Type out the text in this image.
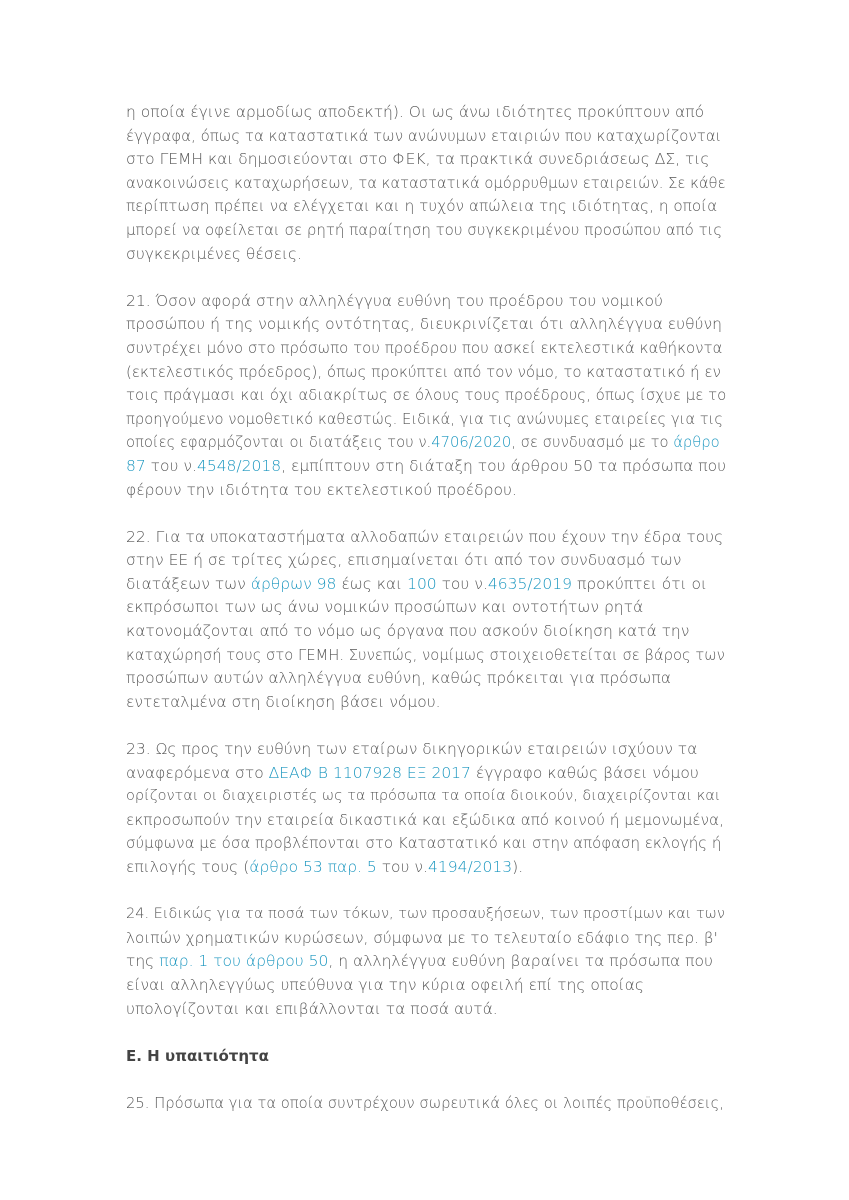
η οποία έγινε αρμοδίως αποδεκτή). Οι ως άνω ιδιότητες προκύπτουν από
έγγραφα, όπως τα καταστατικά των ανώνυμων εταιριών που καταχωρίζονται
στο ΓΕΜΗ και δημοσιεύονται στο ΦΕΚ, τα πρακτικά συνεδριάσεως ΔΣ, τις
ανακοινώσεις καταχωρήσεων, τα καταστατικά ομόρρυθμων εταιρειών. Σε κάθε
περίπτωση πρέπει να ελέγχεται και η τυχόν απώλεια της ιδιότητας, η οποία
μπορεί να οφείλεται σε ρητή παραίτηση του συγκεκριμένου προσώπου από τις
συγκεκριμένες θέσεις.
21. Όσον αφορά στην αλληλέγγυα ευθύνη του προέδρου του νομικού
προσώπου ή της νομικής οντότητας, διευκρινίζεται ότι αλληλέγγυα ευθύνη
συντρέχει μόνο στο πρόσωπο του προέδρου που ασκεί εκτελεστικά καθήκοντα
(εκτελεστικός πρόεδρος), όπως προκύπτει από τον νόμο, το καταστατικό ή εν
τοις πράγμασι και όχι αδιακρίτως σε όλους τους προέδρους, όπως ίσχυε με το
προηγούμενο νομοθετικό καθεστώς. Ειδικά, για τις ανώνυμες εταιρείες για τις
οποίες εφαρμόζονται οι διατάξεις του ν.4706/2020, σε συνδυασμό με το άρθρο
87 του ν.4548/2018, εμπίπτουν στη διάταξη του άρθρου 50 τα πρόσωπα που
φέρουν την ιδιότητα του εκτελεστικού προέδρου.
22. Για τα υποκαταστήματα αλλοδαπών εταιρειών που έχουν την έδρα τους
στην ΕΕ ή σε τρίτες χώρες, επισημαίνεται ότι από τον συνδυασμό των
διατάξεων των άρθρων 98 έως και 100 του ν.4635/2019 προκύπτει ότι οι
εκπρόσωποι των ως άνω νομικών προσώπων και οντοτήτων ρητά
κατονομάζονται από το νόμο ως όργανα που ασκούν διοίκηση κατά την
καταχώρησή τους στο ΓΕΜΗ. Συνεπώς, νομίμως στοιχειοθετείται σε βάρος των
προσώπων αυτών αλληλέγγυα ευθύνη, καθώς πρόκειται για πρόσωπα
εντεταλμένα στη διοίκηση βάσει νόμου.
23. Ως προς την ευθύνη των εταίρων δικηγορικών εταιρειών ισχύουν τα
αναφερόμενα στο ΔΕΑΦ Β 1107928 ΕΞ 2017 έγγραφο καθώς βάσει νόμου
ορίζονται οι διαχειριστές ως τα πρόσωπα τα οποία διοικούν, διαχειρίζονται και
εκπροσωπούν την εταιρεία δικαστικά και εξώδικα από κοινού ή μεμονωμένα,
σύμφωνα με όσα προβλέπονται στο Καταστατικό και στην απόφαση εκλογής ή
επιλογής τους (άρθρο 53 παρ. 5 του ν.4194/2013).
24. Ειδικώς για τα ποσά των τόκων, των προσαυξήσεων, των προστίμων και των
λοιπών χρηματικών κυρώσεων, σύμφωνα με το τελευταίο εδάφιο της περ. β'
της παρ. 1 του άρθρου 50, η αλληλέγγυα ευθύνη βαραίνει τα πρόσωπα που
είναι αλληλεγγύως υπεύθυνα για την κύρια οφειλή επί της οποίας
υπολογίζονται και επιβάλλονται τα ποσά αυτά.
Ε. Η υπαιτιότητα
25. Πρόσωπα για τα οποία συντρέχουν σωρευτικά όλες οι λοιπές προϋποθέσεις,
